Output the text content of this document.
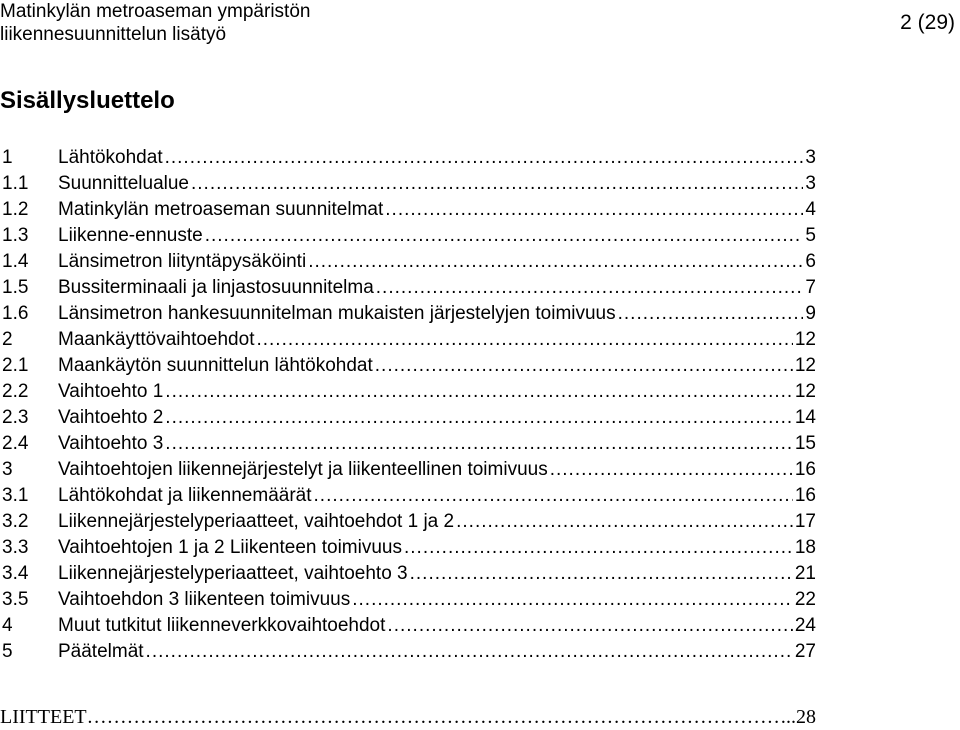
Matinkylän metroaseman ympäristön
liikennesuunnittelun lisätyö
2 (29)
Sisällysluettelo
1	Lähtökohdat .....	3
1.1	Suunnittelualue .....	3
1.2	Matinkylän metroaseman suunnitelmat .....	4
1.3	Liikenne-ennuste .....	5
1.4	Länsimetron liityntäpysäköinti .....	6
1.5	Bussiterminaali ja linjastosuunnitelma .....	7
1.6	Länsimetron hankesuunnitelman mukaisten järjestelyjen toimivuus .....	9
2	Maankäyttövaihtoehdot .....	12
2.1	Maankäytön suunnittelun lähtökohdat .....	12
2.2	Vaihtoehto 1 .....	12
2.3	Vaihtoehto 2 .....	14
2.4	Vaihtoehto 3 .....	15
3	Vaihtoehtojen liikennejärjestelyt ja liikenteellinen toimivuus .....	16
3.1	Lähtökohdat ja liikennemäärät .....	16
3.2	Liikennejärjestelyperiaatteet, vaihtoehdot 1 ja 2 .....	17
3.3	Vaihtoehtojen 1 ja 2 Liikenteen toimivuus .....	18
3.4	Liikennejärjestelyperiaatteet, vaihtoehto 3 .....	21
3.5	Vaihtoehdon 3 liikenteen toimivuus .....	22
4	Muut tutkitut liikenneverkkovaihtoehdot .....	24
5	Päätelmät .....	27
LIITTEET ……………………………………………………………………………………………………………………………………	..28
